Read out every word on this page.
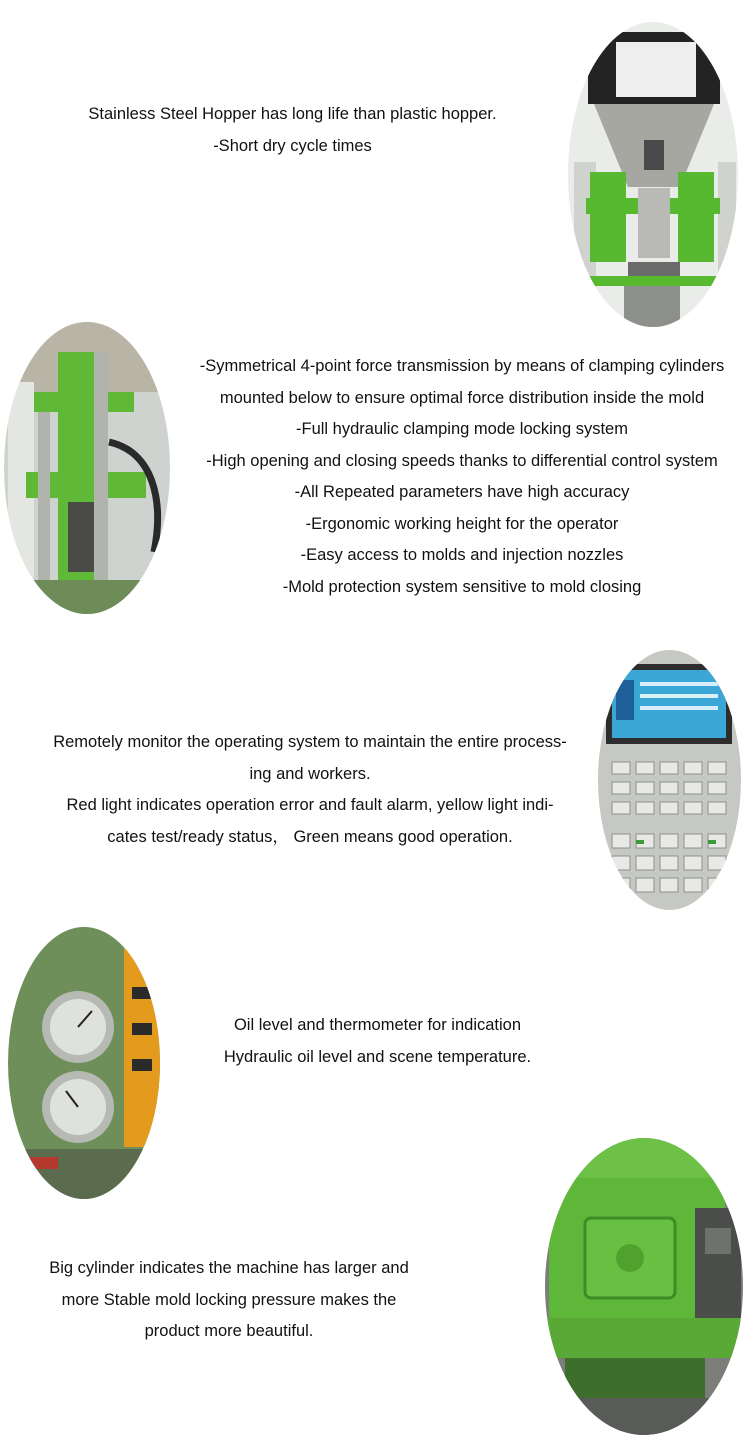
Stainless Steel Hopper has long life than plastic hopper.
-Short dry cycle times
-Symmetrical 4-point force transmission by means of clamping cylinders
mounted below to ensure optimal force distribution inside the mold
-Full hydraulic clamping mode locking system
-High opening and closing speeds thanks to differential control system
-All Repeated parameters have high accuracy
-Ergonomic working height for the operator
-Easy access to molds and injection nozzles
-Mold protection system sensitive to mold closing
Remotely monitor the operating system to maintain the entire process-
ing and workers.
Red light indicates operation error and fault alarm, yellow light indi-
cates test/ready status， Green means good operation.
Oil level and thermometer for indication
Hydraulic oil level and scene temperature.
Big cylinder indicates the machine has larger and
more Stable mold locking pressure makes the
product more beautiful.
